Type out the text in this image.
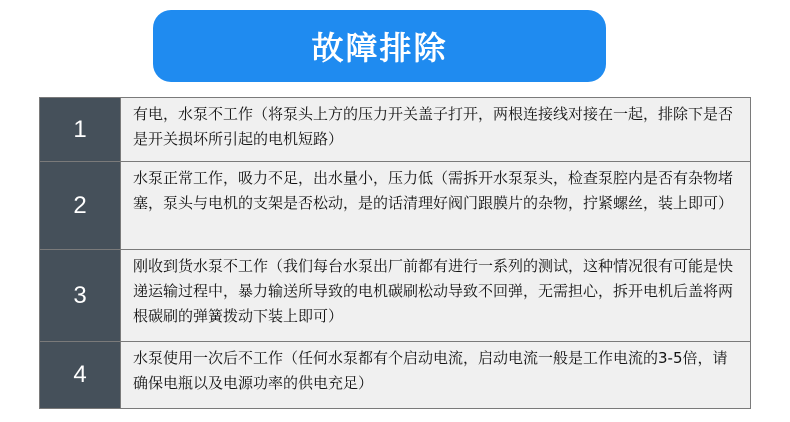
故障排除
1
有电，水泵不工作（将泵头上方的压力开关盖子打开，两根连接线对接在一起，排除下是否是开关损坏所引起的电机短路）
2
水泵正常工作，吸力不足，出水量小，压力低（需拆开水泵泵头，检查泵腔内是否有杂物堵塞，泵头与电机的支架是否松动，是的话清理好阀门跟膜片的杂物，拧紧螺丝，装上即可）
3
刚收到货水泵不工作（我们每台水泵出厂前都有进行一系列的测试，这种情况很有可能是快递运输过程中，暴力输送所导致的电机碳刷松动导致不回弹，无需担心，拆开电机后盖将两根碳刷的弹簧拨动下装上即可）
4
水泵使用一次后不工作（任何水泵都有个启动电流，启动电流一般是工作电流的3-5倍，请确保电瓶以及电源功率的供电充足）
